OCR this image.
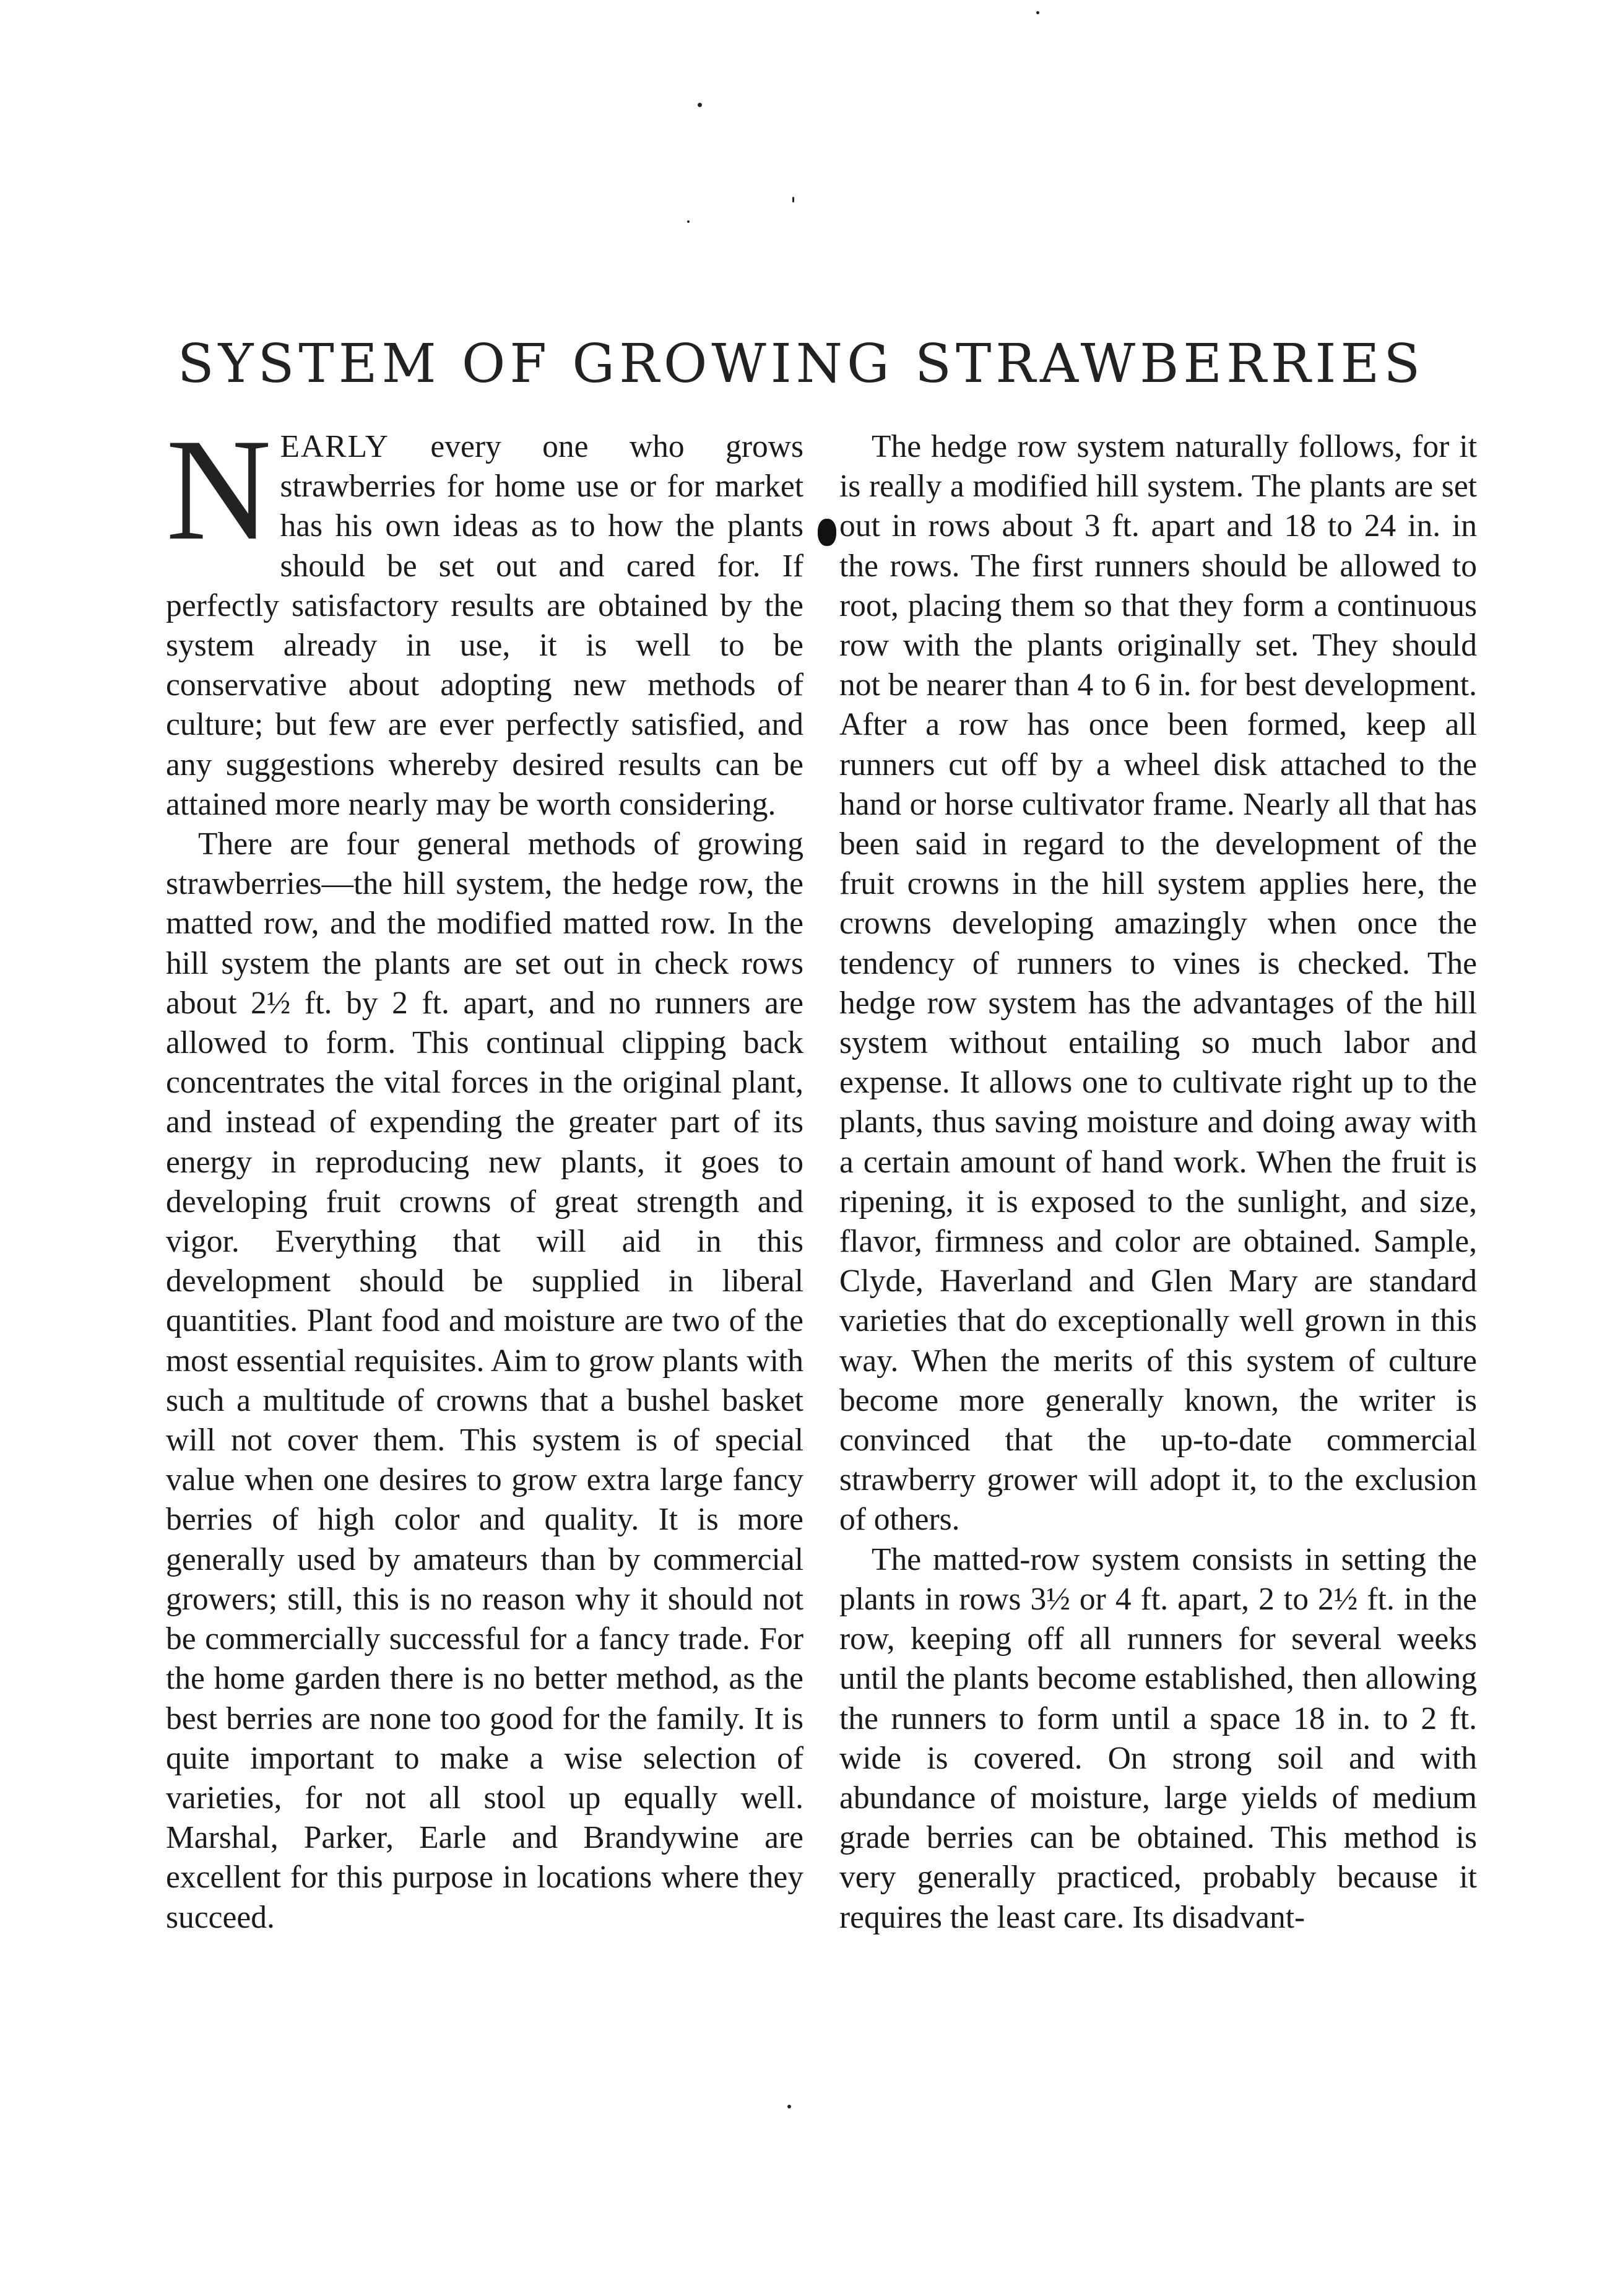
SYSTEM OF GROWING STRAWBERRIES

NEARLY every one who grows strawberries for home use or for market has his own ideas as to how the plants should be set out and cared for. If perfectly satisfactory results are obtained by the system already in use, it is well to be conservative about adopting new methods of culture; but few are ever perfectly satisfied, and any suggestions whereby desired results can be attained more nearly may be worth considering.

There are four general methods of growing strawberries—the hill system, the hedge row, the matted row, and the modified matted row. In the hill system the plants are set out in check rows about 2½ ft. by 2 ft. apart, and no runners are allowed to form. This continual clipping back concentrates the vital forces in the original plant, and instead of expending the greater part of its energy in reproducing new plants, it goes to developing fruit crowns of great strength and vigor. Everything that will aid in this development should be supplied in liberal quantities. Plant food and moisture are two of the most essential requisites. Aim to grow plants with such a multitude of crowns that a bushel basket will not cover them. This system is of special value when one desires to grow extra large fancy berries of high color and quality. It is more generally used by amateurs than by commercial growers; still, this is no reason why it should not be commercially successful for a fancy trade. For the home garden there is no better method, as the best berries are none too good for the family. It is quite important to make a wise selection of varieties, for not all stool up equally well. Marshal, Parker, Earle and Brandywine are excellent for this purpose in locations where they succeed.

The hedge row system naturally follows, for it is really a modified hill system. The plants are set out in rows about 3 ft. apart and 18 to 24 in. in the rows. The first runners should be allowed to root, placing them so that they form a continuous row with the plants originally set. They should not be nearer than 4 to 6 in. for best development. After a row has once been formed, keep all runners cut off by a wheel disk attached to the hand or horse cultivator frame. Nearly all that has been said in regard to the development of the fruit crowns in the hill system applies here, the crowns developing amazingly when once the tendency of runners to vines is checked. The hedge row system has the advantages of the hill system without entailing so much labor and expense. It allows one to cultivate right up to the plants, thus saving moisture and doing away with a certain amount of hand work. When the fruit is ripening, it is exposed to the sunlight, and size, flavor, firmness and color are obtained. Sample, Clyde, Haverland and Glen Mary are standard varieties that do exceptionally well grown in this way. When the merits of this system of culture become more generally known, the writer is convinced that the up-to-date commercial strawberry grower will adopt it, to the exclusion of others.

The matted-row system consists in setting the plants in rows 3½ or 4 ft. apart, 2 to 2½ ft. in the row, keeping off all runners for several weeks until the plants become established, then allowing the runners to form until a space 18 in. to 2 ft. wide is covered. On strong soil and with abundance of moisture, large yields of medium grade berries can be obtained. This method is very generally practiced, probably because it requires the least care. Its disadvant-
